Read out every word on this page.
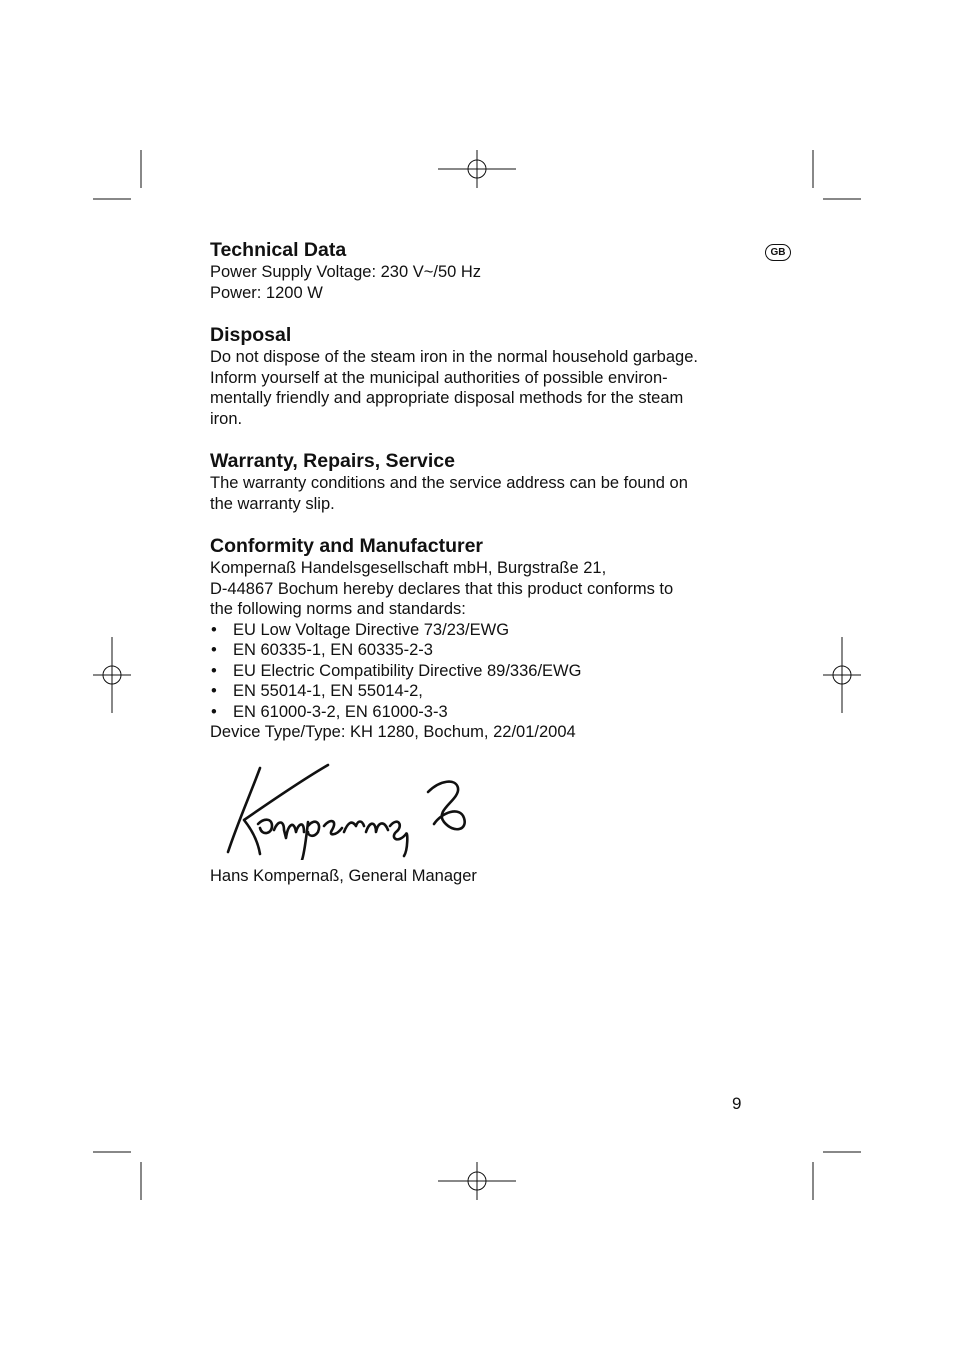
GB
Technical Data

Power Supply Voltage: 230 V~/50 Hz

Power: 1200 W

Disposal

Do not dispose of the steam iron in the normal household garbage.

Inform yourself at the municipal authorities of possible environ-

mentally friendly and appropriate disposal methods for the steam

iron.

Warranty, Repairs, Service

The warranty conditions and the service address can be found on

the warranty slip.

Conformity and Manufacturer

Kompernaß Handelsgesellschaft mbH, Burgstraße 21,

D-44867 Bochum hereby declares that this product conforms to

the following norms and standards:

• EU Low Voltage Directive 73/23/EWG
• EN 60335-1, EN 60335-2-3
• EU Electric Compatibility Directive 89/336/EWG
• EN 55014-1, EN 55014-2,
• EN 61000-3-2, EN 61000-3-3

Device Type/Type: KH 1280, Bochum, 22/01/2004

Hans Kompernaß, General Manager
9
